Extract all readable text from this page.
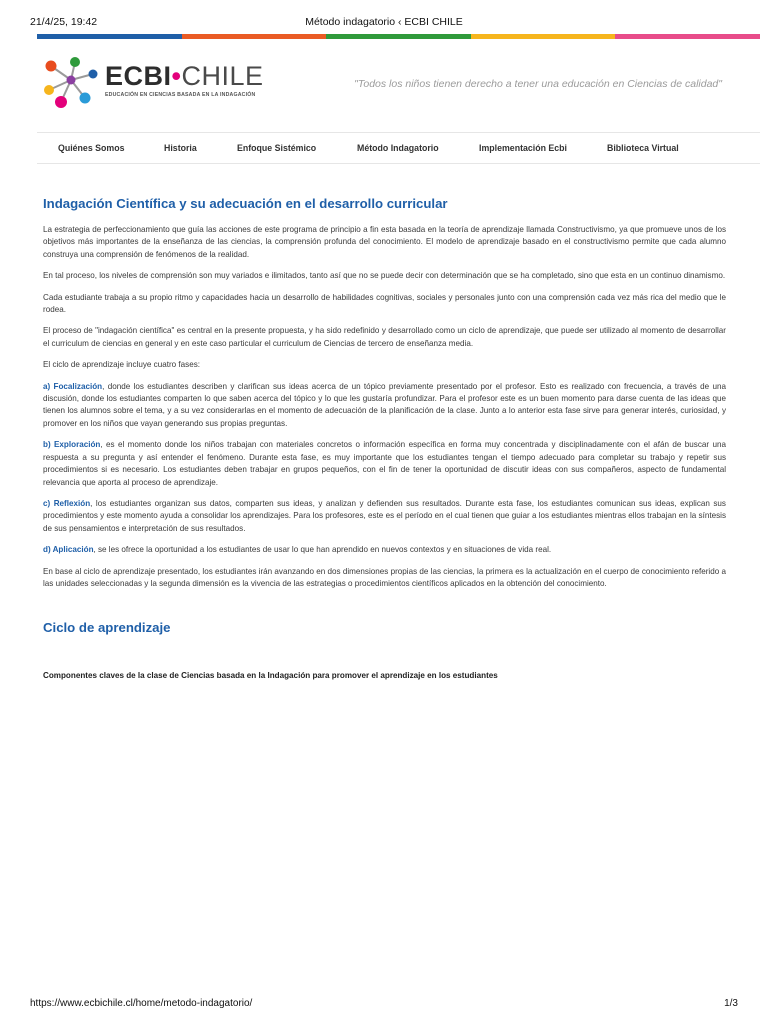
21/4/25, 19:42	Método indagatorio ‹ ECBI CHILE
ECBI•CHILE
EDUCACIÓN EN CIENCIAS BASADA EN LA INDAGACIÓN
"Todos los niños tienen derecho a tener una educación en Ciencias de calidad"
Quiénes Somos	Historia	Enfoque Sistémico	Método Indagatorio	Implementación Ecbi	Biblioteca Virtual
Indagación Científica y su adecuación en el desarrollo curricular

La estrategia de perfeccionamiento que guía las acciones de este programa de principio a fin esta basada en la teoría de aprendizaje llamada Constructivismo, ya que promueve unos de los objetivos más importantes de la enseñanza de las ciencias, la comprensión profunda del conocimiento. El modelo de aprendizaje basado en el constructivismo permite que cada alumno construya una comprensión de fenómenos de la realidad.

En tal proceso, los niveles de comprensión son muy variados e ilimitados, tanto así que no se puede decir con determinación que se ha completado, sino que esta en un continuo dinamismo.

Cada estudiante trabaja a su propio ritmo y capacidades hacia un desarrollo de habilidades cognitivas, sociales y personales junto con una comprensión cada vez más rica del medio que le rodea.

El proceso de "indagación científica" es central en la presente propuesta, y ha sido redefinido y desarrollado como un ciclo de aprendizaje, que puede ser utilizado al momento de desarrollar el curriculum de ciencias en general y en este caso particular el curriculum de Ciencias de tercero de enseñanza media.

El ciclo de aprendizaje incluye cuatro fases:

a) Focalización, donde los estudiantes describen y clarifican sus ideas acerca de un tópico previamente presentado por el profesor. Esto es realizado con frecuencia, a través de una discusión, donde los estudiantes comparten lo que saben acerca del tópico y lo que les gustaría profundizar. Para el profesor este es un buen momento para darse cuenta de las ideas que tienen los alumnos sobre el tema, y a su vez considerarlas en el momento de adecuación de la planificación de la clase. Junto a lo anterior esta fase sirve para generar interés, curiosidad, y promover en los niños que vayan generando sus propias preguntas.

b) Exploración, es el momento donde los niños trabajan con materiales concretos o información específica en forma muy concentrada y disciplinadamente con el afán de buscar una respuesta a su pregunta y así entender el fenómeno. Durante esta fase, es muy importante que los estudiantes tengan el tiempo adecuado para completar su trabajo y repetir sus procedimientos si es necesario. Los estudiantes deben trabajar en grupos pequeños, con el fin de tener la oportunidad de discutir ideas con sus compañeros, aspecto de fundamental relevancia que aporta al proceso de aprendizaje.

c) Reflexión, los estudiantes organizan sus datos, comparten sus ideas, y analizan y defienden sus resultados. Durante esta fase, los estudiantes comunican sus ideas, explican sus procedimientos y este momento ayuda a consolidar los aprendizajes. Para los profesores, este es el período en el cual tienen que guiar a los estudiantes mientras ellos trabajan en la síntesis de sus pensamientos e interpretación de sus resultados.

d) Aplicación, se les ofrece la oportunidad a los estudiantes de usar lo que han aprendido en nuevos contextos y en situaciones de vida real.

En base al ciclo de aprendizaje presentado, los estudiantes irán avanzando en dos dimensiones propias de las ciencias, la primera es la actualización en el cuerpo de conocimiento referido a las unidades seleccionadas y la segunda dimensión es la vivencia de las estrategias o procedimientos científicos aplicados en la obtención del conocimiento.

Ciclo de aprendizaje
Componentes claves de la clase de Ciencias basada en la Indagación para promover el aprendizaje en los estudiantes
https://www.ecbichile.cl/home/metodo-indagatorio/	1/3
